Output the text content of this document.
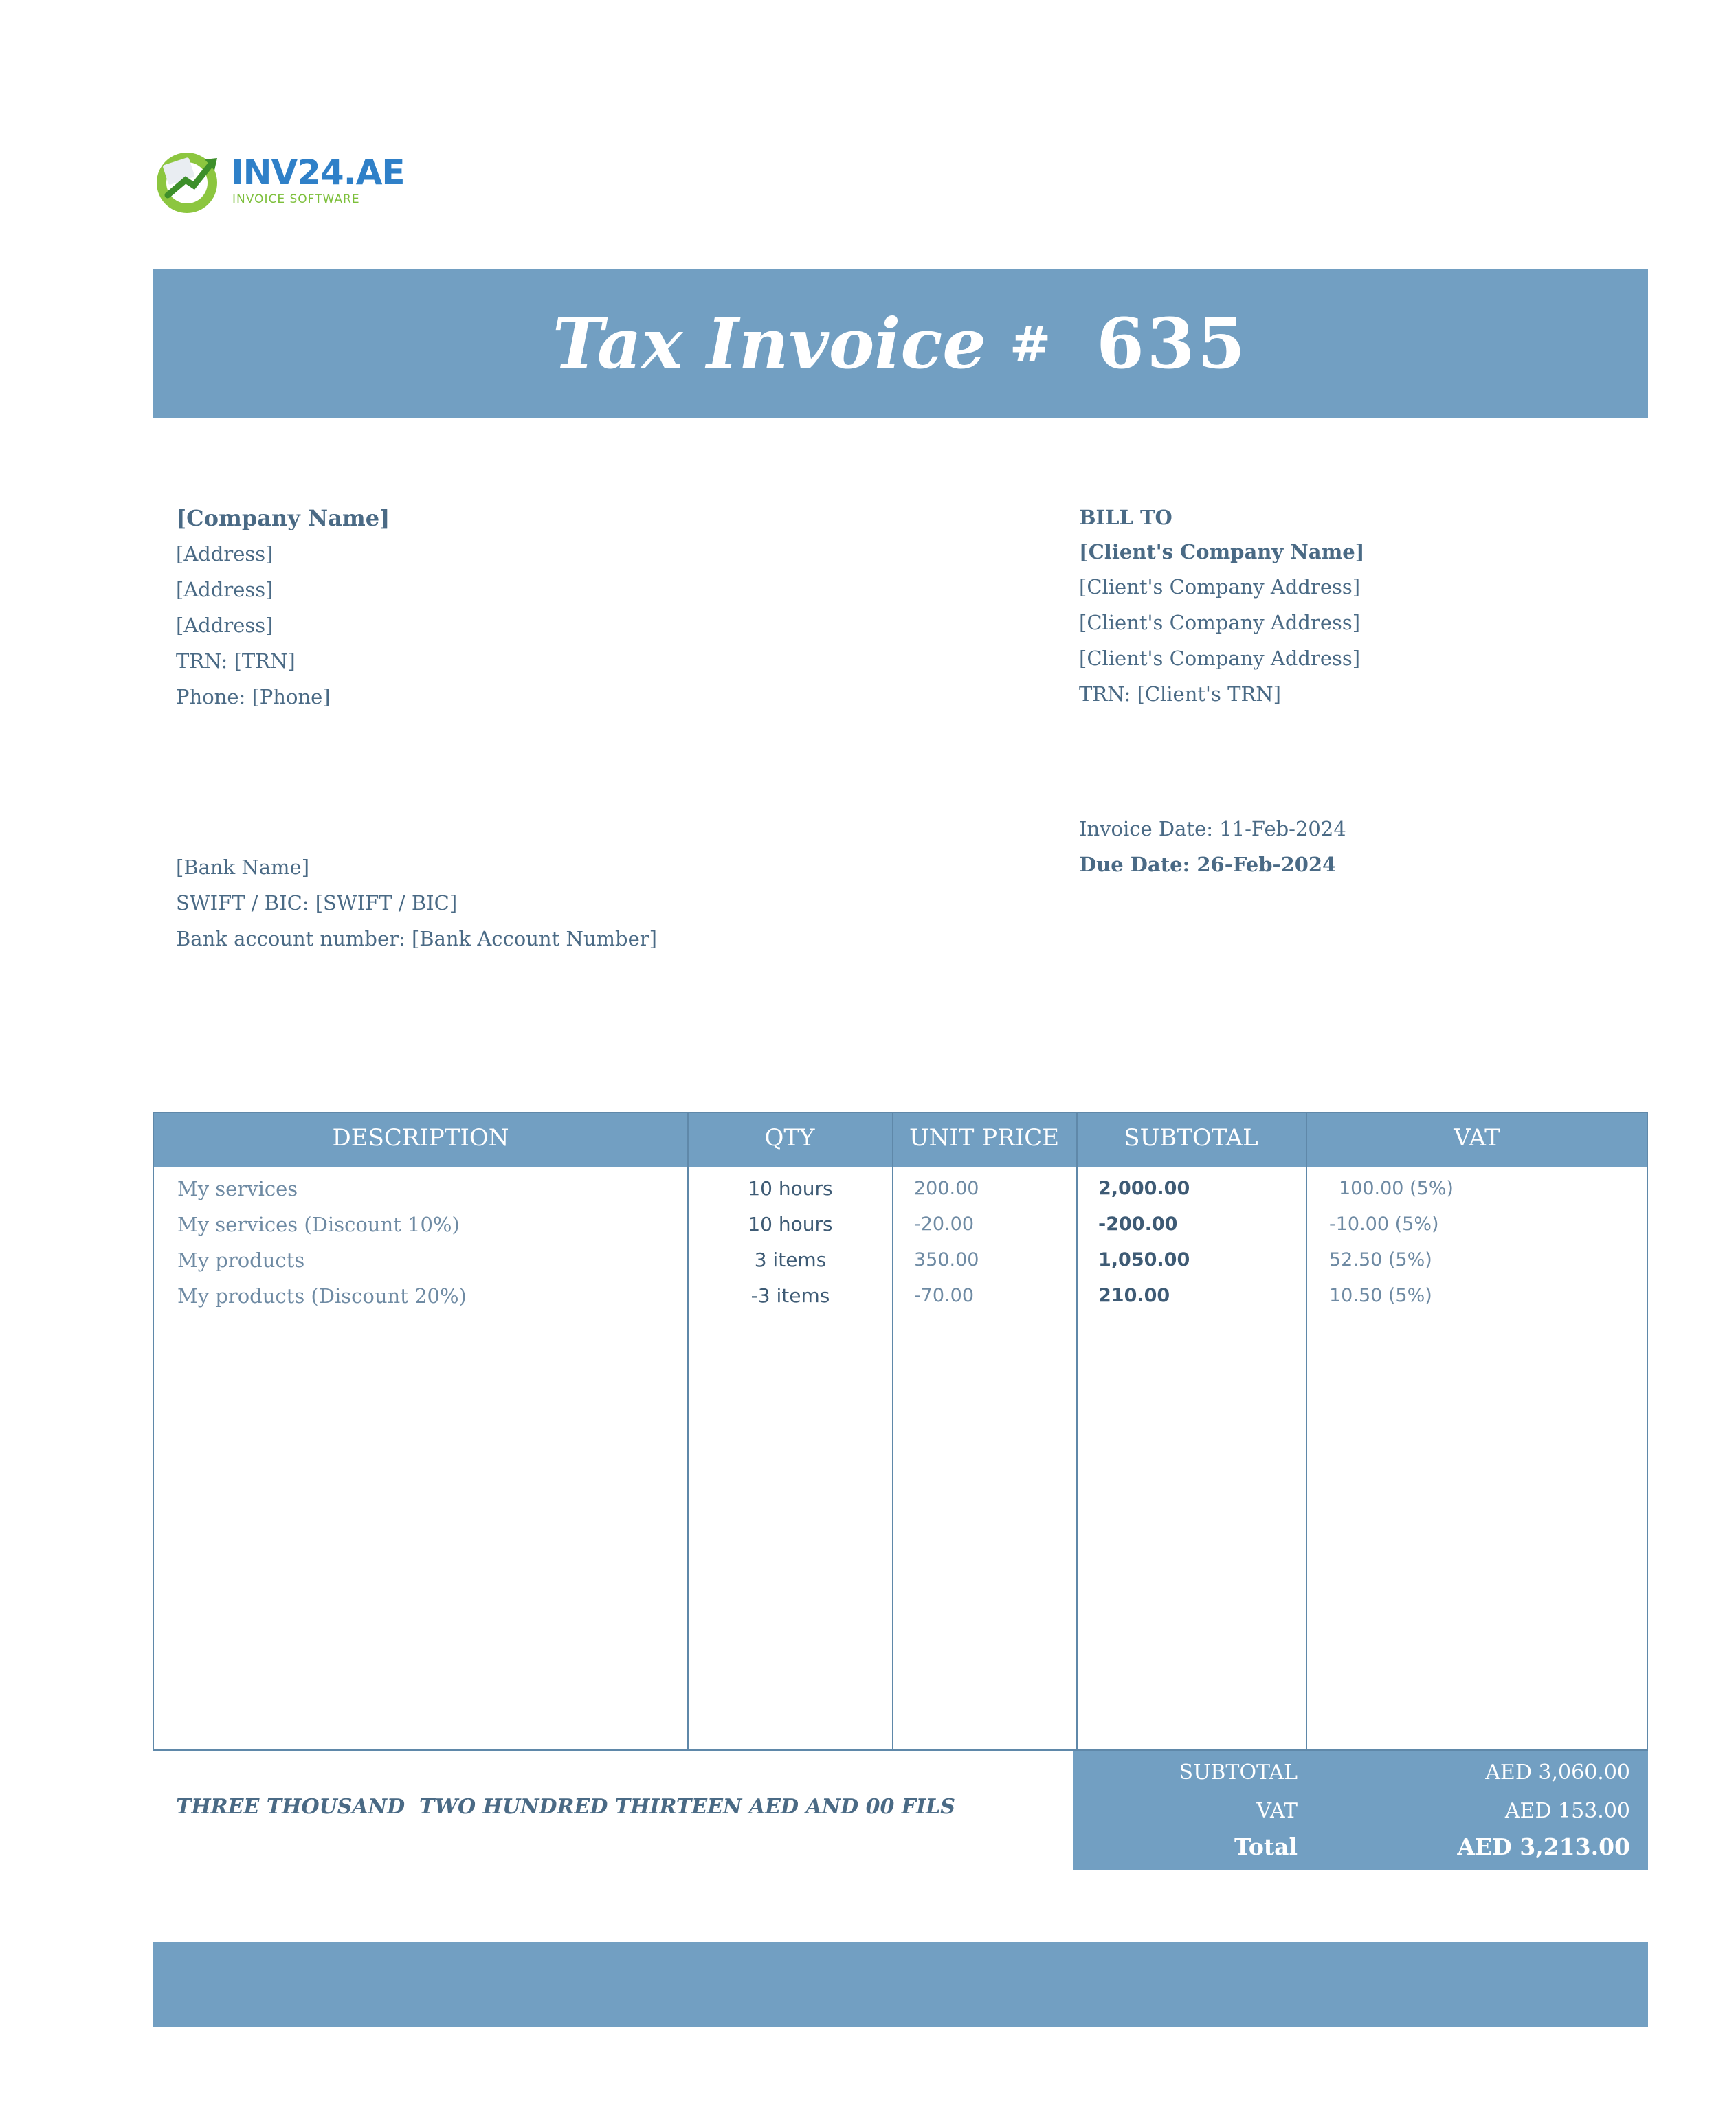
INV24.AE
INVOICE SOFTWARE
Tax Invoice # 635
[Company Name]
[Address]
[Address]
[Address]
TRN: [TRN]
Phone: [Phone]
BILL TO
[Client's Company Name]
[Client's Company Address]
[Client's Company Address]
[Client's Company Address]
TRN: [Client's TRN]
[Bank Name]
SWIFT / BIC: [SWIFT / BIC]
Bank account number: [Bank Account Number]
Invoice Date: 11-Feb-2024
Due Date: 26-Feb-2024
DESCRIPTION	QTY	UNIT PRICE	SUBTOTAL	VAT
My services	10 hours	200.00	2,000.00	100.00 (5%)
My services (Discount 10%)	10 hours	-20.00	-200.00	-10.00 (5%)
My products	3 items	350.00	1,050.00	52.50 (5%)
My products (Discount 20%)	-3 items	-70.00	210.00	10.50 (5%)
THREE THOUSAND  TWO HUNDRED THIRTEEN AED AND 00 FILS
SUBTOTAL	AED 3,060.00
VAT	AED 153.00
Total	AED 3,213.00
